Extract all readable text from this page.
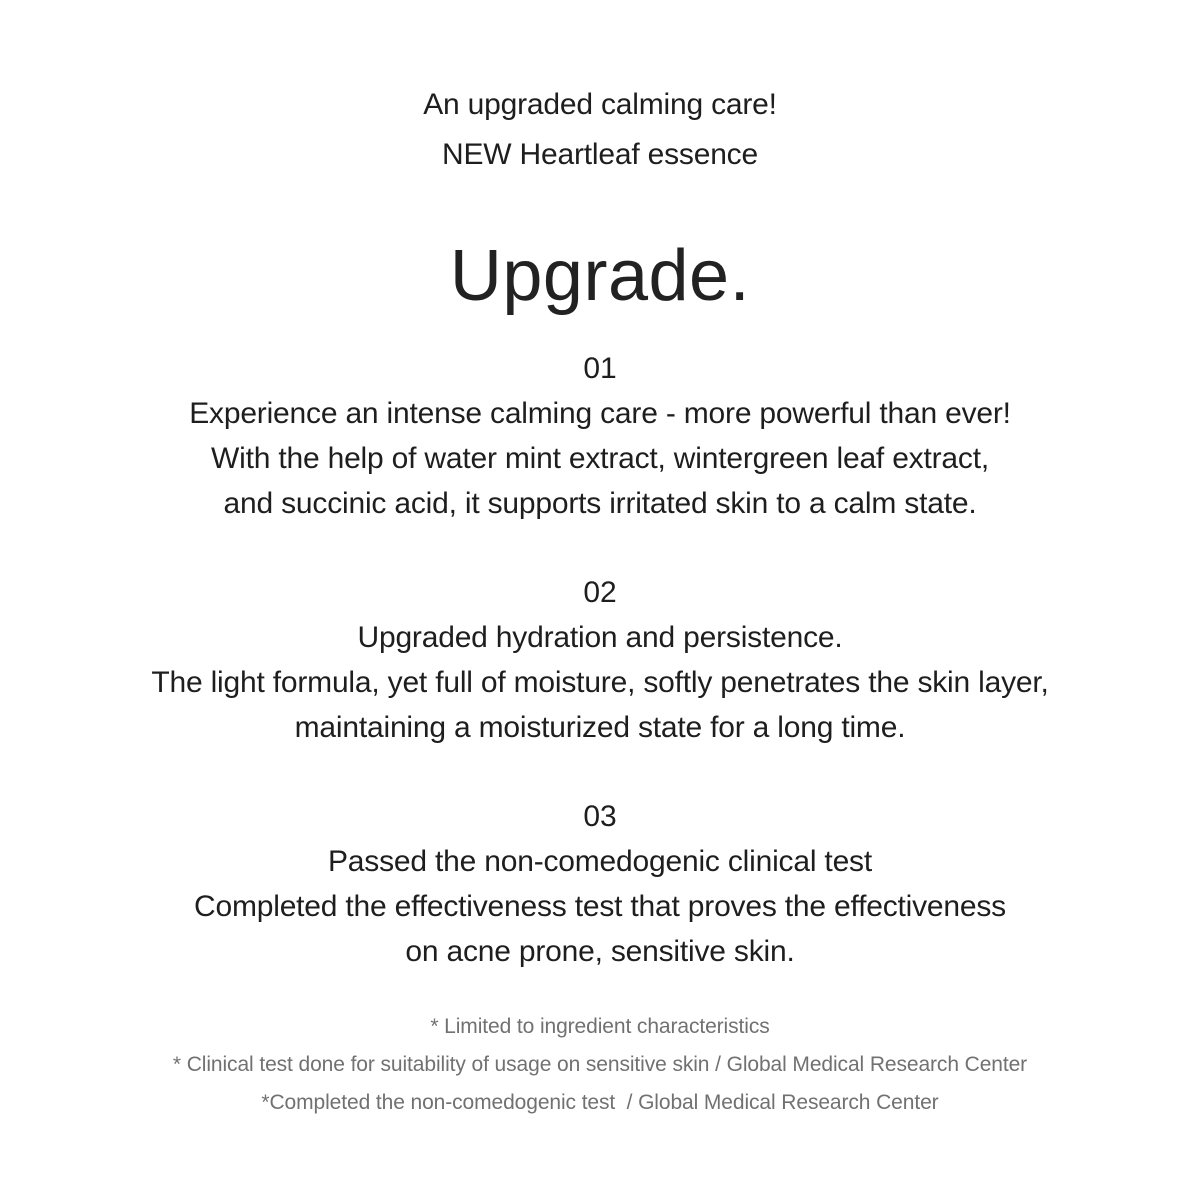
An upgraded calming care!
NEW Heartleaf essence
Upgrade.
01
Experience an intense calming care - more powerful than ever!
With the help of water mint extract, wintergreen leaf extract,
and succinic acid, it supports irritated skin to a calm state.
02
Upgraded hydration and persistence.
The light formula, yet full of moisture, softly penetrates the skin layer,
maintaining a moisturized state for a long time.
03
Passed the non-comedogenic clinical test
Completed the effectiveness test that proves the effectiveness
on acne prone, sensitive skin.
* Limited to ingredient characteristics
* Clinical test done for suitability of usage on sensitive skin / Global Medical Research Center
*Completed the non-comedogenic test  / Global Medical Research Center
